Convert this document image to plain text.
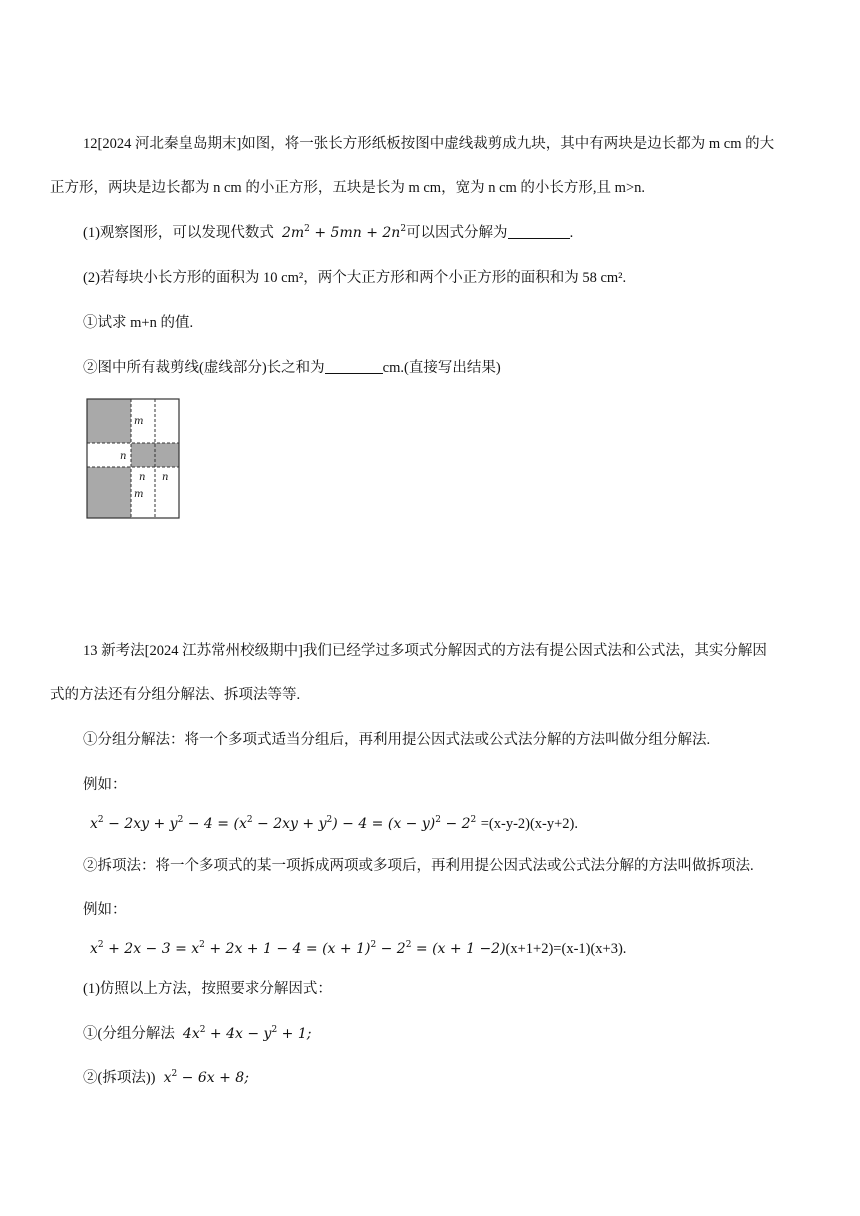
12[2024 河北秦皇岛期末]如图，将一张长方形纸板按图中虚线裁剪成九块，其中有两块是边长都为 m cm 的大
正方形，两块是边长都为 n cm 的小正方形，五块是长为 m cm，宽为 n cm 的小长方形,且 m>n.
(1)观察图形，可以发现代数式  $2m^2 + 5mn + 2n^2$可以因式分解为	.
(2)若每块小长方形的面积为 10 cm²，两个大正方形和两个小正方形的面积和为 58 cm².
①试求 m+n 的值.
②图中所有裁剪线(虚线部分)长之和为	cm.(直接写出结果)
m
n
n n
m
13 新考法[2024 江苏常州校级期中]我们已经学过多项式分解因式的方法有提公因式法和公式法，其实分解因
式的方法还有分组分解法、拆项法等等.
①分组分解法：将一个多项式适当分组后，再利用提公因式法或公式法分解的方法叫做分组分解法.
例如：
$x^2 - 2xy + y^2 - 4 = (x^2 - 2xy + y^2) - 4 = (x - y)^2 - 2^2 =(x-y-2)(x-y+2)$.
②拆项法：将一个多项式的某一项拆成两项或多项后，再利用提公因式法或公式法分解的方法叫做拆项法.
例如：
$x^2 + 2x - 3 = x^2 + 2x + 1 - 4 = (x + 1)^2 - 2^2 = (x + 1 -2)(x+1+2)=(x-1)(x+3)$.
(1)仿照以上方法，按照要求分解因式：
①(分组分解法  $4x^2 + 4x - y^2 + 1$;
②(拆项法)) $x^2 - 6x + 8$;
